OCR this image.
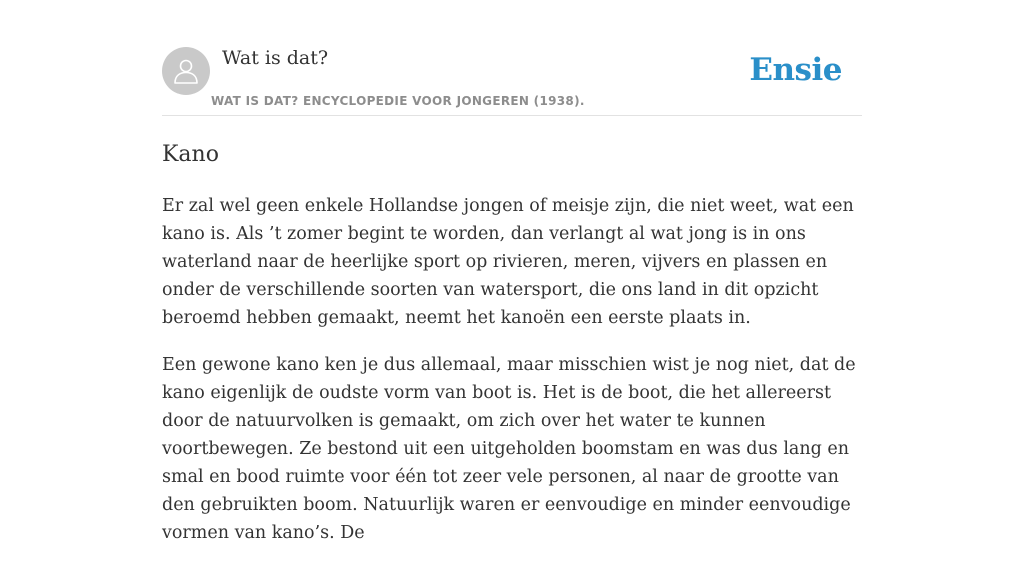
Wat is dat?
WAT IS DAT? ENCYCLOPEDIE VOOR JONGEREN (1938).
Ensie
Kano

Er zal wel geen enkele Hollandse jongen of meisje zijn, die niet weet, wat een kano is. Als ’t zomer begint te worden, dan verlangt al wat jong is in ons waterland naar de heerlijke sport op rivieren, meren, vijvers en plassen en onder de verschillende soorten van watersport, die ons land in dit opzicht beroemd hebben gemaakt, neemt het kanoën een eerste plaats in.

Een gewone kano ken je dus allemaal, maar misschien wist je nog niet, dat de kano eigenlijk de oudste vorm van boot is. Het is de boot, die het allereerst door de natuurvolken is gemaakt, om zich over het water te kunnen voortbewegen. Ze bestond uit een uitgeholden boomstam en was dus lang en smal en bood ruimte voor één tot zeer vele personen, al naar de grootte van den gebruikten boom. Natuurlijk waren er eenvoudige en minder eenvoudige vormen van kano’s. De
